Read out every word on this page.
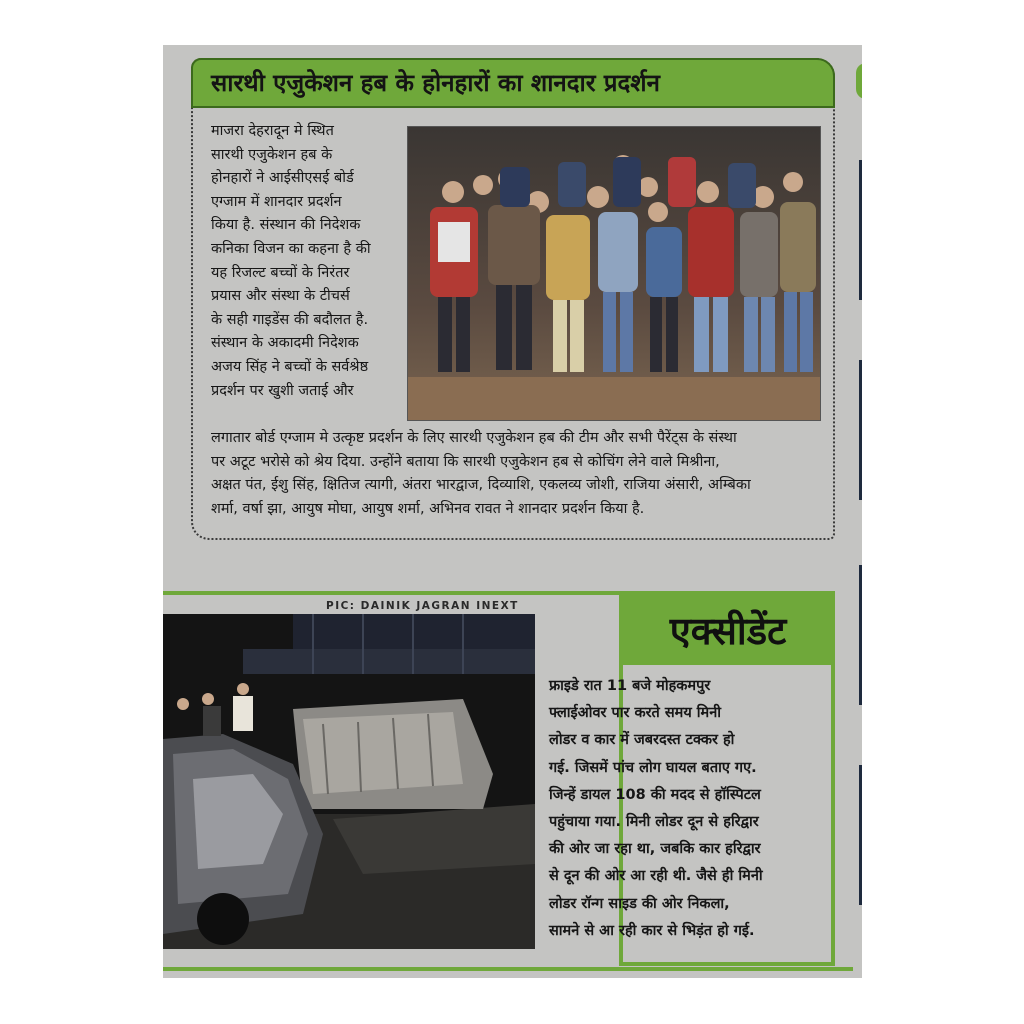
सारथी एजुकेशन हब के होनहारों का शानदार प्रदर्शन

माजरा देहरादून मे स्थित

सारथी एजुकेशन हब के

होनहारों ने आईसीएसई बोर्ड

एग्जाम में शानदार प्रदर्शन

किया है. संस्थान की निदेशक

कनिका विजन का कहना है की

यह रिजल्ट बच्चों के निरंतर

प्रयास और संस्था के टीचर्स

के सही गाइडेंस की बदौलत है.

संस्थान के अकादमी निदेशक

अजय सिंह ने बच्चों के सर्वश्रेष्ठ

प्रदर्शन पर खुशी जताई और

लगातार बोर्ड एग्जाम मे उत्कृष्ट प्रदर्शन के लिए सारथी एजुकेशन हब की टीम और सभी पैरेंट्स के संस्था

पर अटूट भरोसे को श्रेय दिया. उन्होंने बताया कि सारथी एजुकेशन हब से कोचिंग लेने वाले मिश्रीना,

अक्षत पंत, ईशु सिंह, क्षितिज त्यागी, अंतरा भारद्वाज, दिव्याशि, एकलव्य जोशी, राजिया अंसारी, अम्बिका

शर्मा, वर्षा झा, आयुष मोघा, आयुष शर्मा, अभिनव रावत ने शानदार प्रदर्शन किया है.

PIC: DAINIK JAGRAN INEXT
एक्सीडेंट

फ्राइडे रात 11 बजे मोहकमपुर

फ्लाईओवर पार करते समय मिनी

लोडर व कार में जबरदस्त टक्कर हो

गई. जिसमें पांच लोग घायल बताए गए.

जिन्हें डायल 108 की मदद से हॉस्पिटल

पहुंचाया गया. मिनी लोडर दून से हरिद्वार

की ओर जा रहा था, जबकि कार हरिद्वार

से दून की ओर आ रही थी. जैसे ही मिनी

लोडर रॉन्ग साइड की ओर निकला,

सामने से आ रही कार से भिड़ंत हो गई.
